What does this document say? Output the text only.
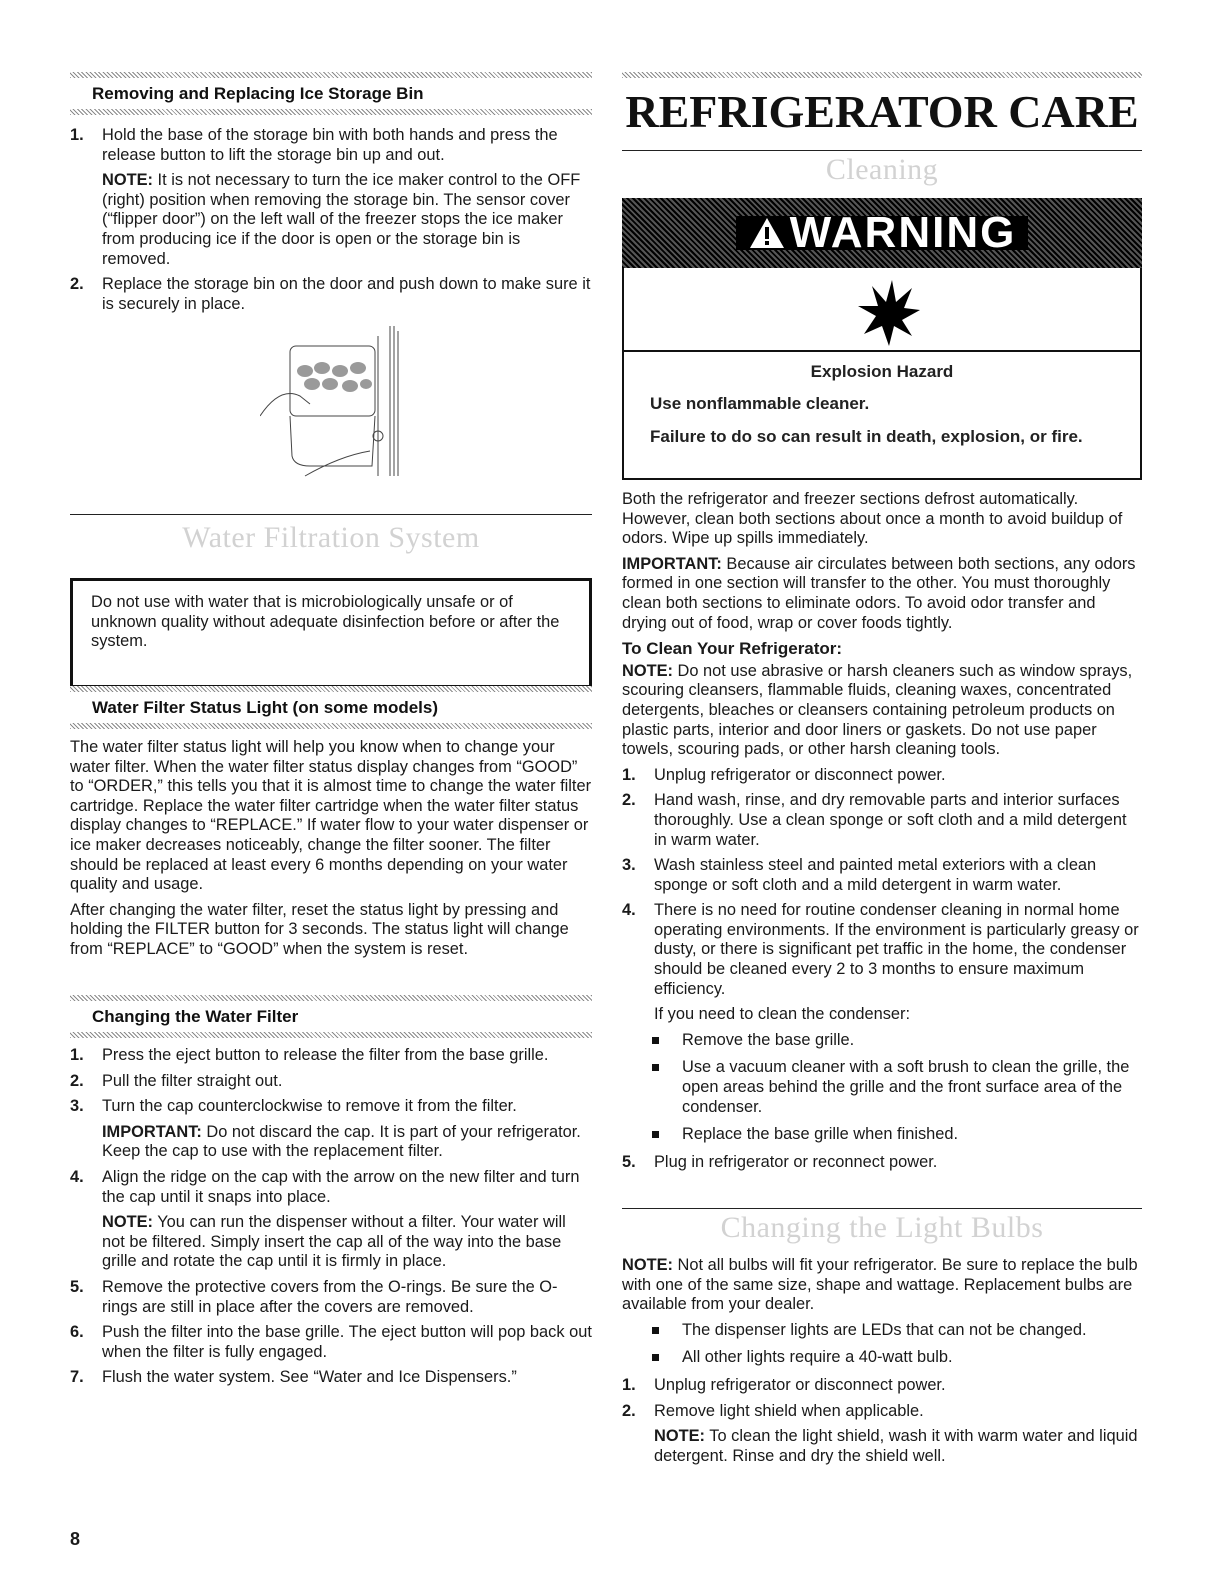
Removing and Replacing Ice Storage Bin
1. Hold the base of the storage bin with both hands and press the release button to lift the storage bin up and out.
NOTE: It is not necessary to turn the ice maker control to the OFF (right) position when removing the storage bin. The sensor cover (“flipper door”) on the left wall of the freezer stops the ice maker from producing ice if the door is open or the storage bin is removed.
2. Replace the storage bin on the door and push down to make sure it is securely in place.
Water Filtration System
Do not use with water that is microbiologically unsafe or of unknown quality without adequate disinfection before or after the system.
Water Filter Status Light (on some models)

The water filter status light will help you know when to change your water filter. When the water filter status display changes from “GOOD” to “ORDER,” this tells you that it is almost time to change the water filter cartridge. Replace the water filter cartridge when the water filter status display changes to “REPLACE.” If water flow to your water dispenser or ice maker decreases noticeably, change the filter sooner. The filter should be replaced at least every 6 months depending on your water quality and usage.

After changing the water filter, reset the status light by pressing and holding the FILTER button for 3 seconds. The status light will change from “REPLACE” to “GOOD” when the system is reset.

Changing the Water Filter
1. Press the eject button to release the filter from the base grille.
2. Pull the filter straight out.
3. Turn the cap counterclockwise to remove it from the filter.
IMPORTANT: Do not discard the cap. It is part of your refrigerator. Keep the cap to use with the replacement filter.
4. Align the ridge on the cap with the arrow on the new filter and turn the cap until it snaps into place.
NOTE: You can run the dispenser without a filter. Your water will not be filtered. Simply insert the cap all of the way into the base grille and rotate the cap until it is firmly in place.
5. Remove the protective covers from the O-rings. Be sure the O-rings are still in place after the covers are removed.
6. Push the filter into the base grille. The eject button will pop back out when the filter is fully engaged.
7. Flush the water system. See “Water and Ice Dispensers.”
8
REFRIGERATOR CARE
Cleaning
WARNING
Explosion Hazard
Use nonflammable cleaner.
Failure to do so can result in death, explosion, or fire.

Both the refrigerator and freezer sections defrost automatically. However, clean both sections about once a month to avoid buildup of odors. Wipe up spills immediately.

IMPORTANT: Because air circulates between both sections, any odors formed in one section will transfer to the other. You must thoroughly clean both sections to eliminate odors. To avoid odor transfer and drying out of food, wrap or cover foods tightly.

To Clean Your Refrigerator:

NOTE: Do not use abrasive or harsh cleaners such as window sprays, scouring cleansers, flammable fluids, cleaning waxes, concentrated detergents, bleaches or cleansers containing petroleum products on plastic parts, interior and door liners or gaskets. Do not use paper towels, scouring pads, or other harsh cleaning tools.

1. Unplug refrigerator or disconnect power.
2. Hand wash, rinse, and dry removable parts and interior surfaces thoroughly. Use a clean sponge or soft cloth and a mild detergent in warm water.
3. Wash stainless steel and painted metal exteriors with a clean sponge or soft cloth and a mild detergent in warm water.
4. There is no need for routine condenser cleaning in normal home operating environments. If the environment is particularly greasy or dusty, or there is significant pet traffic in the home, the condenser should be cleaned every 2 to 3 months to ensure maximum efficiency.
If you need to clean the condenser:
Remove the base grille.
Use a vacuum cleaner with a soft brush to clean the grille, the open areas behind the grille and the front surface area of the condenser.
Replace the base grille when finished.
5. Plug in refrigerator or reconnect power.
Changing the Light Bulbs

NOTE: Not all bulbs will fit your refrigerator. Be sure to replace the bulb with one of the same size, shape and wattage. Replacement bulbs are available from your dealer.

The dispenser lights are LEDs that can not be changed.
All other lights require a 40-watt bulb.
1. Unplug refrigerator or disconnect power.
2. Remove light shield when applicable.
NOTE: To clean the light shield, wash it with warm water and liquid detergent. Rinse and dry the shield well.
